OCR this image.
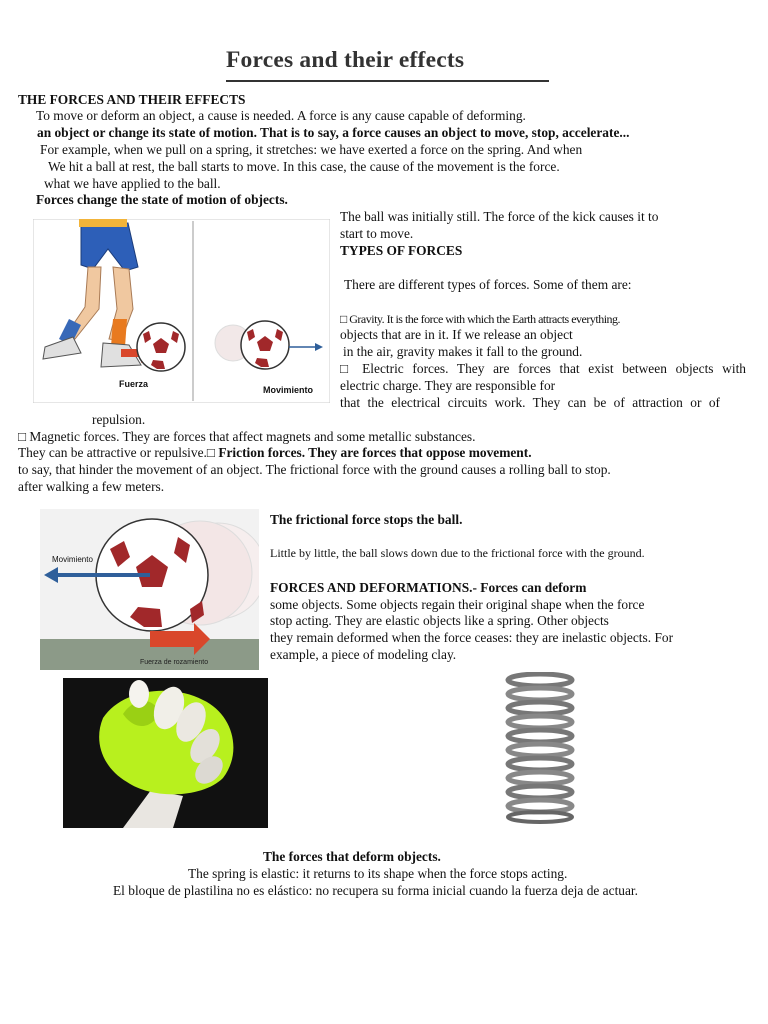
Forces and their effects
THE FORCES AND THEIR EFFECTS
To move or deform an object, a cause is needed. A force is any cause capable of deforming.
an object or change its state of motion. That is to say, a force causes an object to move, stop, accelerate...
For example, when we pull on a spring, it stretches: we have exerted a force on the spring. And when
We hit a ball at rest, the ball starts to move. In this case, the cause of the movement is the force.
what we have applied to the ball.
Forces change the state of motion of objects.
Fuerza
Movimiento
The ball was initially still. The force of the kick causes it to
start to move.
TYPES OF FORCES
There are different types of forces. Some of them are:
□ Gravity. It is the force with which the Earth attracts everything.
objects that are in it. If we release an object
in the air, gravity makes it fall to the ground.
□ Electric forces. They are forces that exist between objects with
electric charge. They are responsible for
that the electrical circuits work. They can be of attraction or of
repulsion.
□ Magnetic forces. They are forces that affect magnets and some metallic substances.
They can be attractive or repulsive.□ Friction forces. They are forces that oppose movement.
to say, that hinder the movement of an object. The frictional force with the ground causes a rolling ball to stop.
after walking a few meters.
Movimiento
Fuerza de rozamiento
The frictional force stops the ball.
Little by little, the ball slows down due to the frictional force with the ground.
FORCES AND DEFORMATIONS.- Forces can deform
some objects. Some objects regain their original shape when the force
stop acting. They are elastic objects like a spring. Other objects
they remain deformed when the force ceases: they are inelastic objects. For
example, a piece of modeling clay.
The forces that deform objects.
The spring is elastic: it returns to its shape when the force stops acting.
El bloque de plastilina no es elástico: no recupera su forma inicial cuando la fuerza deja de actuar.
